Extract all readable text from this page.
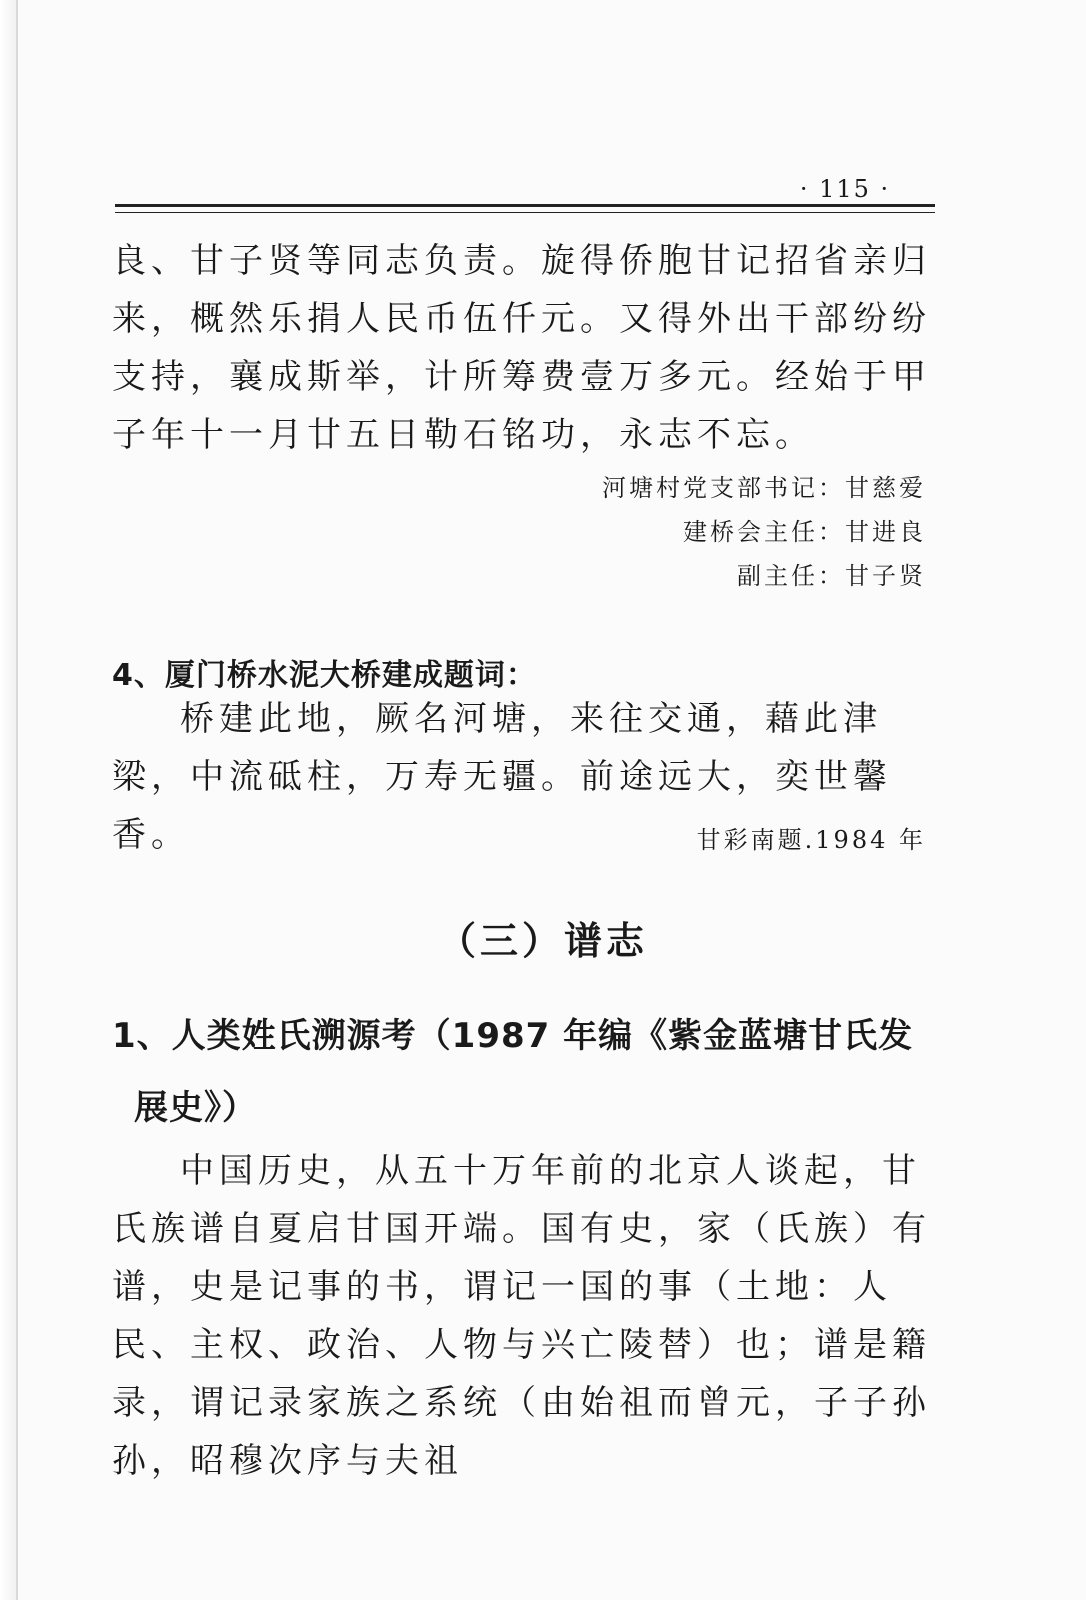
· 115 ·

良、甘子贤等同志负责。旋得侨胞甘记招省亲归来，概然乐捐人民币伍仟元。又得外出干部纷纷支持，襄成斯举，计所筹费壹万多元。经始于甲子年十一月廿五日勒石铭功，永志不忘。

河塘村党支部书记：甘慈爱
建桥会主任：甘进良
副主任：甘子贤
4、厦门桥水泥大桥建成题词：

桥建此地，厥名河塘，来往交通，藉此津梁，中流砥柱，万寿无疆。前途远大，奕世馨香。	甘彩南题.1984 年
（三）谱志
1、人类姓氏溯源考（1987 年编《紫金蓝塘甘氏发
展史》）

中国历史，从五十万年前的北京人谈起，甘氏族谱自夏启甘国开端。国有史，家（氏族）有谱，史是记事的书，谓记一国的事（土地：人民、主权、政治、人物与兴亡陵替）也；谱是籍录，谓记录家族之系统（由始祖而曾元，子子孙孙，昭穆次序与夫祖
